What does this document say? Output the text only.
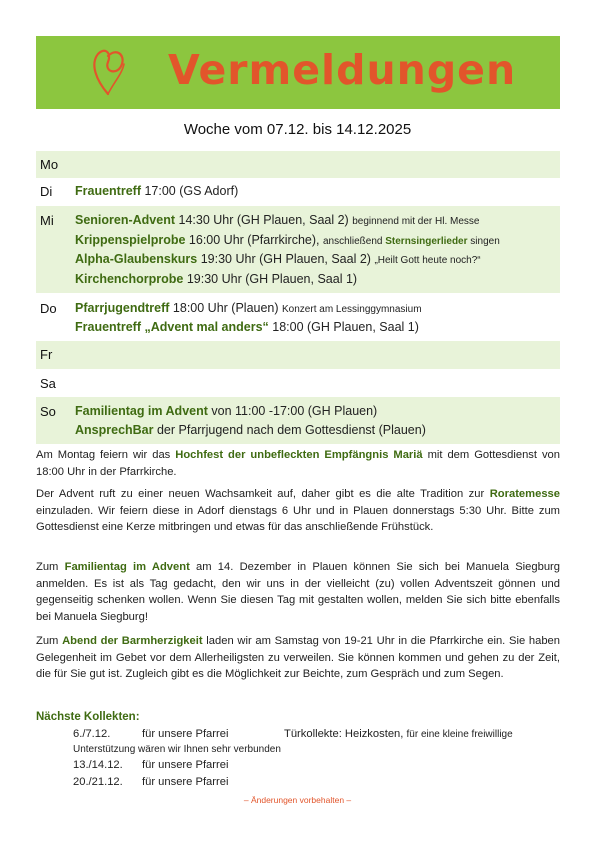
Vermeldungen
Woche vom 07.12. bis 14.12.2025
Mo
Di Frauentreff 17:00 (GS Adorf)
Mi Senioren-Advent 14:30 Uhr (GH Plauen, Saal 2) beginnend mit der Hl. Messe
Krippenspielprobe 16:00 Uhr (Pfarrkirche), anschließend Sternsingerlieder singen
Alpha-Glaubenskurs 19:30 Uhr (GH Plauen, Saal 2) „Heilt Gott heute noch?“
Kirchenchorprobe 19:30 Uhr (GH Plauen, Saal 1)
Do Pfarrjugendtreff 18:00 Uhr (Plauen) Konzert am Lessinggymnasium
Frauentreff „Advent mal anders“ 18:00 (GH Plauen, Saal 1)
Fr
Sa
So Familientag im Advent von 11:00 -17:00 (GH Plauen)
AnsprechBar der Pfarrjugend nach dem Gottesdienst (Plauen)
Am Montag feiern wir das Hochfest der unbefleckten Empfängnis Mariä mit dem Gottesdienst von 18:00 Uhr in der Pfarrkirche.
Der Advent ruft zu einer neuen Wachsamkeit auf, daher gibt es die alte Tradition zur Roratemesse einzuladen. Wir feiern diese in Adorf dienstags 6 Uhr und in Plauen donnerstags 5:30 Uhr. Bitte zum Gottesdienst eine Kerze mitbringen und etwas für das anschließende Frühstück.
Zum Familientag im Advent am 14. Dezember in Plauen können Sie sich bei Manuela Siegburg anmelden. Es ist als Tag gedacht, den wir uns in der vielleicht (zu) vollen Adventszeit gönnen und gegenseitig schenken wollen. Wenn Sie diesen Tag mit gestalten wollen, melden Sie sich bitte ebenfalls bei Manuela Siegburg!
Zum Abend der Barmherzigkeit laden wir am Samstag von 19-21 Uhr in die Pfarrkirche ein. Sie haben Gelegenheit im Gebet vor dem Allerheiligsten zu verweilen. Sie können kommen und gehen zu der Zeit, die für Sie gut ist. Zugleich gibt es die Möglichkeit zur Beichte, zum Gespräch und zum Segen.
Nächste Kollekten:
6./7.12.	für unsere Pfarrei	Türkollekte: Heizkosten, für eine kleine freiwillige
Unterstützung wären wir Ihnen sehr verbunden
13./14.12. für unsere Pfarrei
20./21.12. für unsere Pfarrei
– Änderungen vorbehalten –
